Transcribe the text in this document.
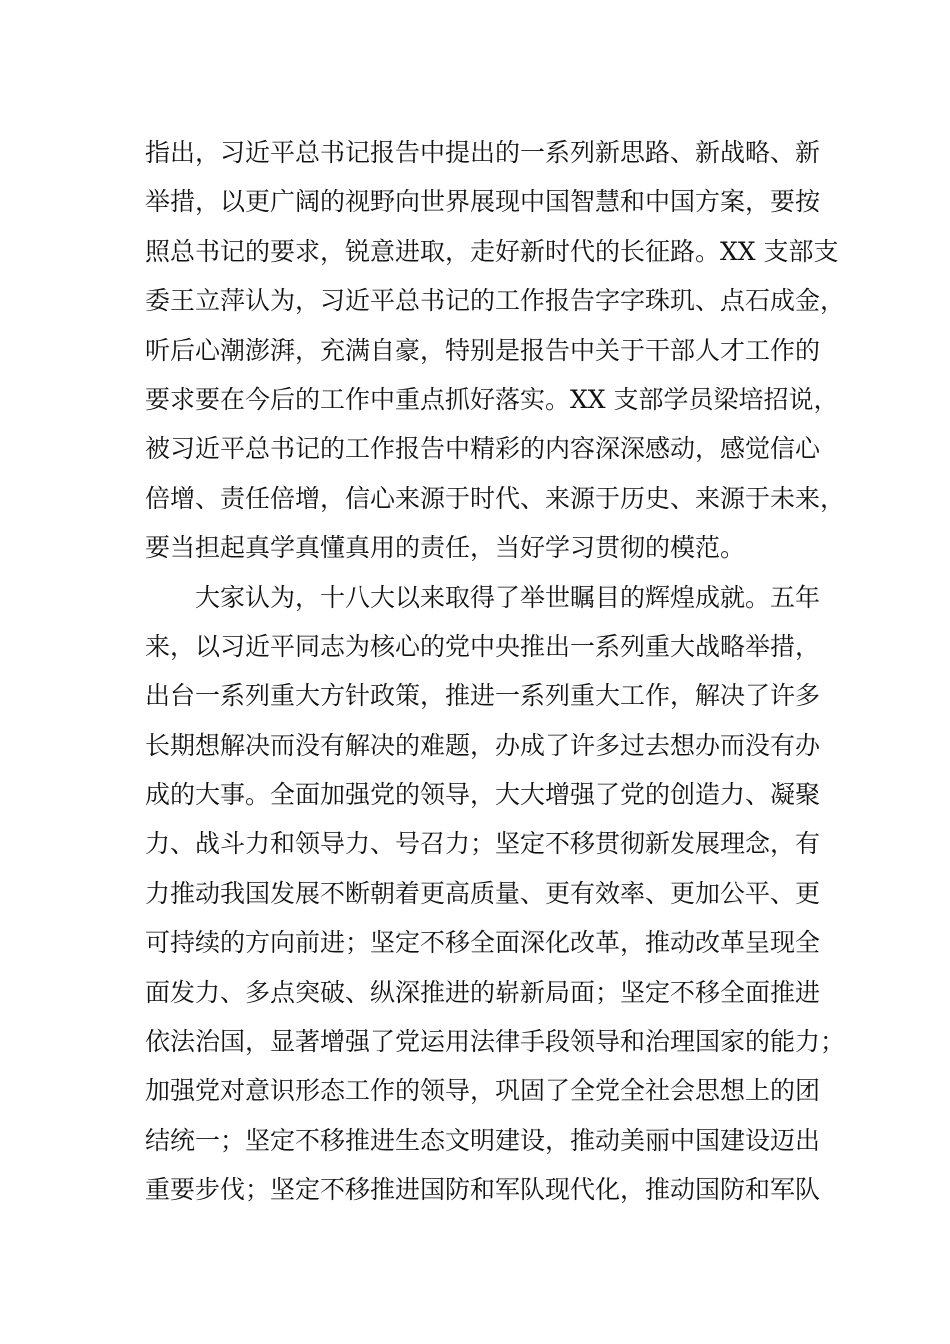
指出，习近平总书记报告中提出的一系列新思路、新战略、新
举措，以更广阔的视野向世界展现中国智慧和中国方案，要按
照总书记的要求，锐意进取，走好新时代的长征路。XX 支部支
委王立萍认为，习近平总书记的工作报告字字珠玑、点石成金，
听后心潮澎湃，充满自豪，特别是报告中关于干部人才工作的
要求要在今后的工作中重点抓好落实。XX 支部学员梁培招说，
被习近平总书记的工作报告中精彩的内容深深感动，感觉信心
倍增、责任倍增，信心来源于时代、来源于历史、来源于未来，
要当担起真学真懂真用的责任，当好学习贯彻的模范。
大家认为，十八大以来取得了举世瞩目的辉煌成就。五年
来，以习近平同志为核心的党中央推出一系列重大战略举措，
出台一系列重大方针政策，推进一系列重大工作，解决了许多
长期想解决而没有解决的难题，办成了许多过去想办而没有办
成的大事。全面加强党的领导，大大增强了党的创造力、凝聚
力、战斗力和领导力、号召力；坚定不移贯彻新发展理念，有
力推动我国发展不断朝着更高质量、更有效率、更加公平、更
可持续的方向前进；坚定不移全面深化改革，推动改革呈现全
面发力、多点突破、纵深推进的崭新局面；坚定不移全面推进
依法治国，显著增强了党运用法律手段领导和治理国家的能力；
加强党对意识形态工作的领导，巩固了全党全社会思想上的团
结统一；坚定不移推进生态文明建设，推动美丽中国建设迈出
重要步伐；坚定不移推进国防和军队现代化，推动国防和军队
